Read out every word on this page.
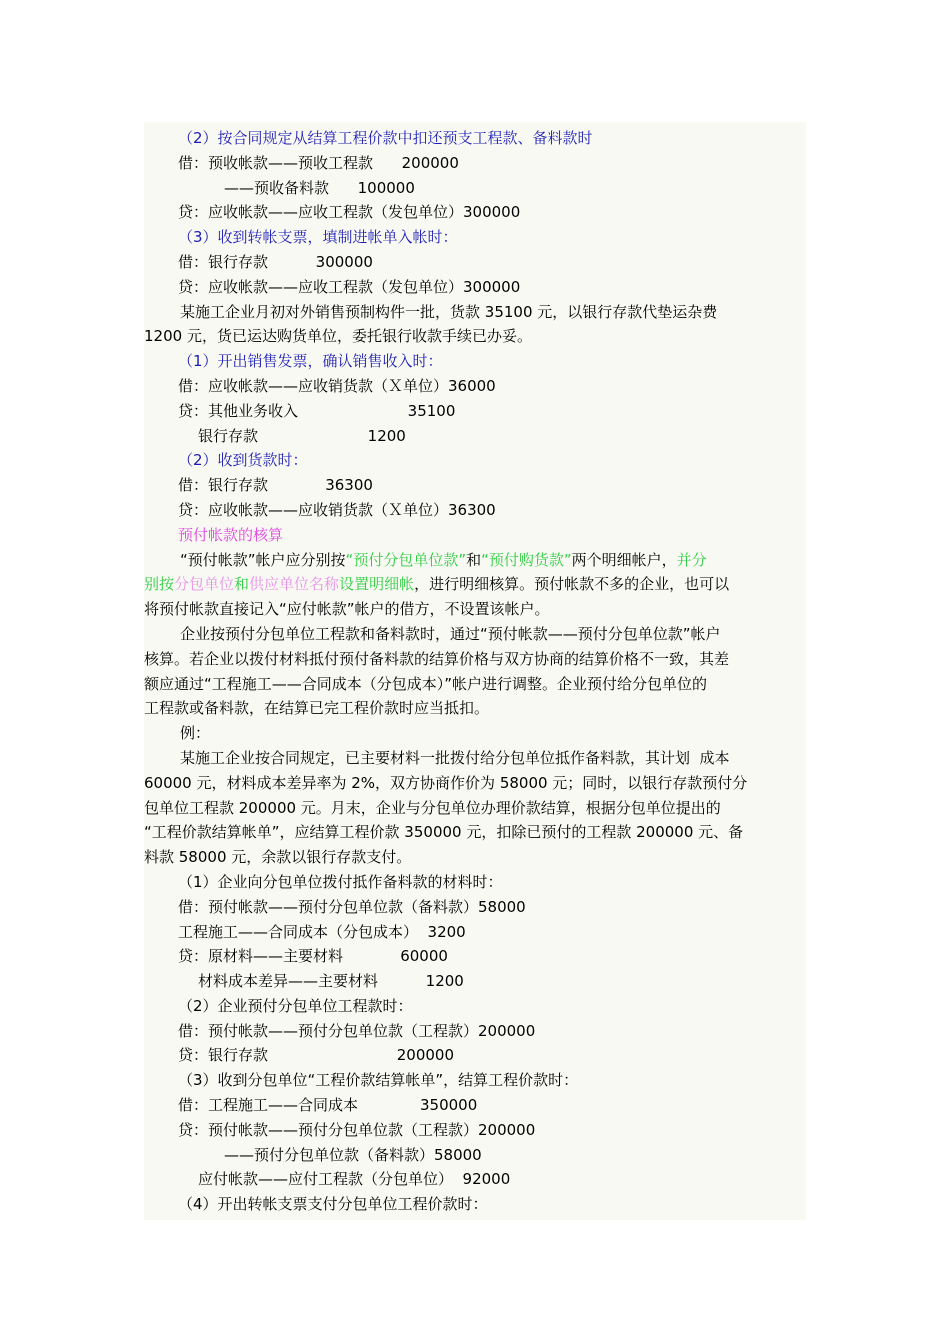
（2）按合同规定从结算工程价款中扣还预支工程款、备料款时
借：预收帐款——预收工程款      200000
——预收备料款      100000
贷：应收帐款——应收工程款（发包单位）300000
（3）收到转帐支票，填制进帐单入帐时：
借：银行存款          300000
贷：应收帐款——应收工程款（发包单位）300000
某施工企业月初对外销售预制构件一批，货款 35100 元，以银行存款代垫运杂费
1200 元，货已运达购货单位，委托银行收款手续已办妥。
（1）开出销售发票，确认销售收入时：
借：应收帐款——应收销货款（Ｘ单位）36000
贷：其他业务收入                       35100
银行存款                       1200
（2）收到货款时：
借：银行存款            36300
贷：应收帐款——应收销货款（Ｘ单位）36300
预付帐款的核算
“预付帐款”帐户应分别按“预付分包单位款”和“预付购货款”两个明细帐户，并分
别按分包单位和供应单位名称设置明细帐，进行明细核算。预付帐款不多的企业，也可以
将预付帐款直接记入“应付帐款”帐户的借方，不设置该帐户。
企业按预付分包单位工程款和备料款时，通过“预付帐款——预付分包单位款”帐户
核算。若企业以拨付材料抵付预付备料款的结算价格与双方协商的结算价格不一致，其差
额应通过“工程施工——合同成本（分包成本）”帐户进行调整。企业预付给分包单位的
工程款或备料款，在结算已完工程价款时应当抵扣。
例：
某施工企业按合同规定，已主要材料一批拨付给分包单位抵作备料款，其计划  成本
60000 元，材料成本差异率为 2%，双方协商作价为 58000 元；同时，以银行存款预付分
包单位工程款 200000 元。月末，企业与分包单位办理价款结算，根据分包单位提出的
“工程价款结算帐单”，应结算工程价款 350000 元，扣除已预付的工程款 200000 元、备
料款 58000 元，余款以银行存款支付。
（1）企业向分包单位拨付抵作备料款的材料时：
借：预付帐款——预付分包单位款（备料款）58000
工程施工——合同成本（分包成本）  3200
贷：原材料——主要材料            60000
材料成本差异——主要材料          1200
（2）企业预付分包单位工程款时：
借：预付帐款——预付分包单位款（工程款）200000
贷：银行存款                           200000
（3）收到分包单位“工程价款结算帐单”，结算工程价款时：
借：工程施工——合同成本             350000
贷：预付帐款——预付分包单位款（工程款）200000
——预付分包单位款（备料款）58000
应付帐款——应付工程款（分包单位）  92000
（4）开出转帐支票支付分包单位工程价款时：
